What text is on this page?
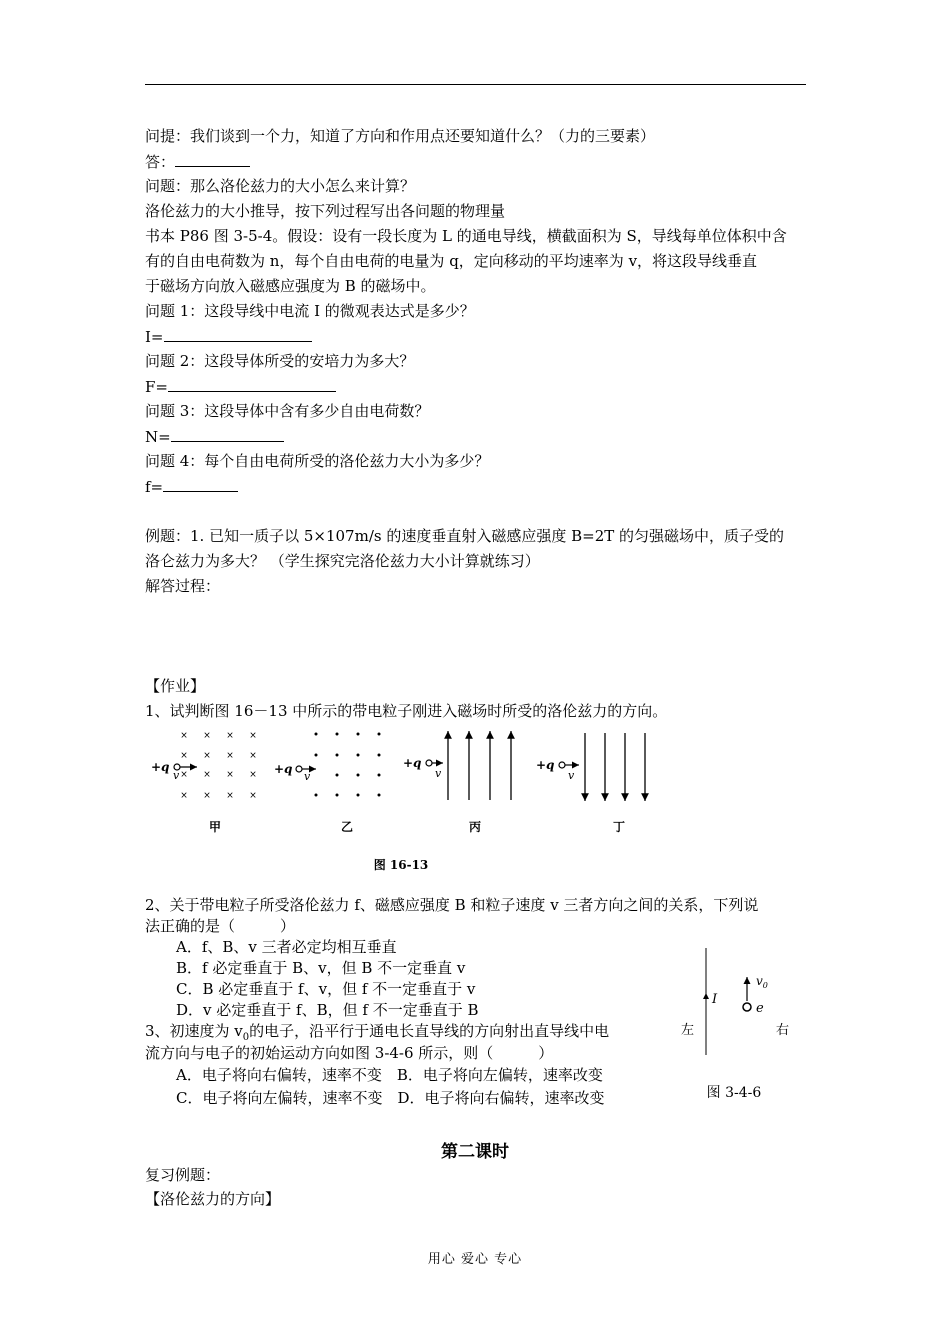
问提：我们谈到一个力，知道了方向和作用点还要知道什么？（力的三要素）
答：
问题：那么洛伦兹力的大小怎么来计算？
洛伦兹力的大小推导，按下列过程写出各问题的物理量
书本 P86 图 3-5-4。假设：设有一段长度为 L 的通电导线，横截面积为 S，导线每单位体积中含
有的自由电荷数为 n，每个自由电荷的电量为 q，定向移动的平均速率为 v，将这段导线垂直
于磁场方向放入磁感应强度为 B 的磁场中。
问题 1：这段导线中电流 I 的微观表达式是多少？
I=
问题 2：这段导体所受的安培力为多大？
F=
问题 3：这段导体中含有多少自由电荷数？
N=
问题 4：每个自由电荷所受的洛伦兹力大小为多少？
f=
例题：1. 已知一质子以 5×107m/s 的速度垂直射入磁感应强度 B=2T 的匀强磁场中，质子受的
洛仑兹力为多大？ （学生探究完洛伦兹力大小计算就练习）
解答过程：
【作业】
1、试判断图 16－13 中所示的带电粒子刚进入磁场时所受的洛伦兹力的方向。
× × × ×
× × × ×
× × × ×
× × ×
×
+q
v
甲
+q
v
乙
+q
v
丙
+q
v
丁
图 16-13
2、关于带电粒子所受洛伦兹力 f、磁感应强度 B 和粒子速度 v 三者方向之间的关系，下列说
法正确的是（　　　）
A．f、B、v 三者必定均相互垂直
B．f 必定垂直于 B、v，但 B 不一定垂直 v
C．B 必定垂直于 f、v，但 f 不一定垂直于 v
D．v 必定垂直于 f、B，但 f 不一定垂直于 B
3、初速度为 $v_0$的电子，沿平行于通电长直导线的方向射出直导线中电
流方向与电子的初始运动方向如图 3-4-6 所示，则（　　　）
A．电子将向右偏转，速率不变　B．电子将向左偏转，速率改变
C．电子将向左偏转，速率不变　D．电子将向右偏转，速率改变
I
$v_0$
e
左	右
图 3-4-6
第二课时
复习例题：
【洛伦兹力的方向】
用心 爱心 专心
